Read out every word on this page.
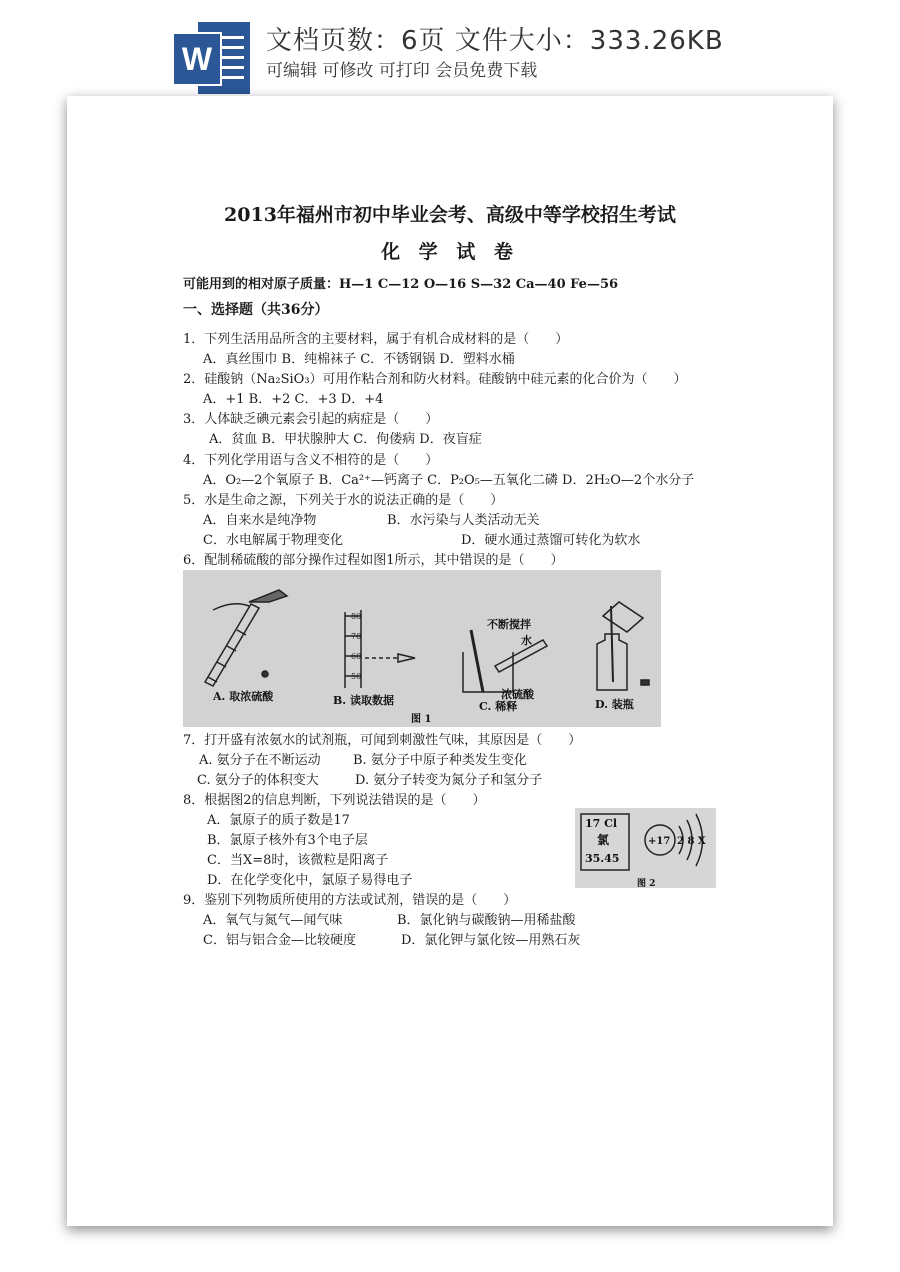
W	文档页数：6页 文件大小：333.26KB
可编辑 可修改 可打印 会员免费下载
2013年福州市初中毕业会考、高级中等学校招生考试
化 学 试 卷
可能用到的相对原子质量：H—1 C—12 O—16 S—32 Ca—40 Fe—56
一、选择题（共36分）
1．下列生活用品所含的主要材料，属于有机合成材料的是（　　）
A．真丝围巾 B．纯棉袜子 C．不锈钢锅 D．塑料水桶
2．硅酸钠（Na₂SiO₃）可用作粘合剂和防火材料。硅酸钠中硅元素的化合价为（　　）
A．+1 B．+2 C．+3 D．+4
3．人体缺乏碘元素会引起的病症是（　　）
A．贫血 B．甲状腺肿大 C．佝偻病 D．夜盲症
4．下列化学用语与含义不相符的是（　　）
A．O₂—2个氧原子 B．Ca²⁺—钙离子 C．P₂O₅—五氧化二磷 D．2H₂O—2个水分子
5．水是生命之源，下列关于水的说法正确的是（　　）
A．自来水是纯净物	B．水污染与人类活动无关
C．水电解属于物理变化	D．硬水通过蒸馏可转化为软水
6．配制稀硫酸的部分操作过程如图1所示，其中错误的是（　　）
80
70
60
50
不断搅拌
水
浓硫酸
A. 取浓硫酸	B. 读取数据	C. 稀释	D. 装瓶
图 1
7．打开盛有浓氨水的试剂瓶，可闻到刺激性气味，其原因是（　　）
A. 氨分子在不断运动 B. 氨分子中原子种类发生变化
C. 氨分子的体积变大	D. 氨分子转变为氮分子和氢分子
8．根据图2的信息判断，下列说法错误的是（　　）
A．氯原子的质子数是17
B．氯原子核外有3个电子层
C．当X=8时，该微粒是阳离子
D．在化学变化中，氯原子易得电子
17 Cl
氯
35.45
+17 2 8 X
图 2
9．鉴别下列物质所使用的方法或试剂，错误的是（　　）
A．氧气与氮气—闻气味	B．氯化钠与碳酸钠—用稀盐酸
C．铝与铝合金—比较硬度	D．氯化钾与氯化铵—用熟石灰
